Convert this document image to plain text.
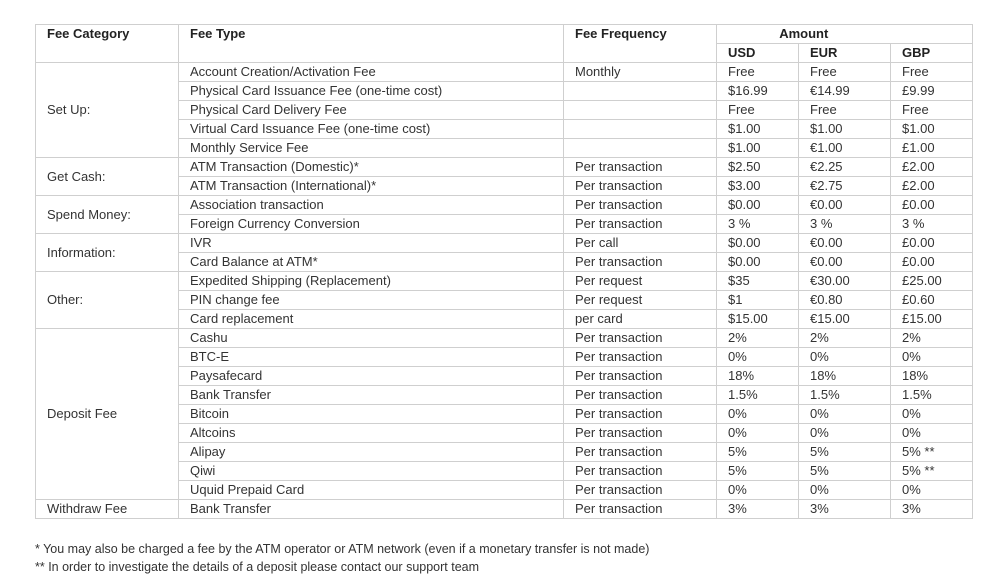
Fee Category	Fee Type	Fee Frequency	Amount		
			USD	EUR	GBP
Set Up:	Account Creation/Activation Fee	Monthly	Free	Free	Free
	Physical Card Issuance Fee (one-time cost)		$16.99	€14.99	£9.99
	Physical Card Delivery Fee		Free	Free	Free
	Virtual Card Issuance Fee (one-time cost)		$1.00	$1.00	$1.00
	Monthly Service Fee		$1.00	€1.00	£1.00
Get Cash:	ATM Transaction (Domestic)*	Per transaction	$2.50	€2.25	£2.00
	ATM Transaction (International)*	Per transaction	$3.00	€2.75	£2.00
Spend Money:	Association transaction	Per transaction	$0.00	€0.00	£0.00
	Foreign Currency Conversion	Per transaction	3 %	3 %	3 %
Information:	IVR	Per call	$0.00	€0.00	£0.00
	Card Balance at ATM*	Per transaction	$0.00	€0.00	£0.00
Other:	Expedited Shipping (Replacement)	Per request	$35	€30.00	£25.00
	PIN change fee	Per request	$1	€0.80	£0.60
	Card replacement	per card	$15.00	€15.00	£15.00
Deposit Fee	Cashu	Per transaction	2%	2%	2%
	BTC-E	Per transaction	0%	0%	0%
	Paysafecard	Per transaction	18%	18%	18%
	Bank Transfer	Per transaction	1.5%	1.5%	1.5%
	Bitcoin	Per transaction	0%	0%	0%
	Altcoins	Per transaction	0%	0%	0%
	Alipay	Per transaction	5%	5%	5% **
	Qiwi	Per transaction	5%	5%	5% **
	Uquid Prepaid Card	Per transaction	0%	0%	0%
Withdraw Fee	Bank Transfer	Per transaction	3%	3%	3%
* You may also be charged a fee by the ATM operator or ATM network (even if a monetary transfer is not made)
** In order to investigate the details of a deposit please contact our support team
